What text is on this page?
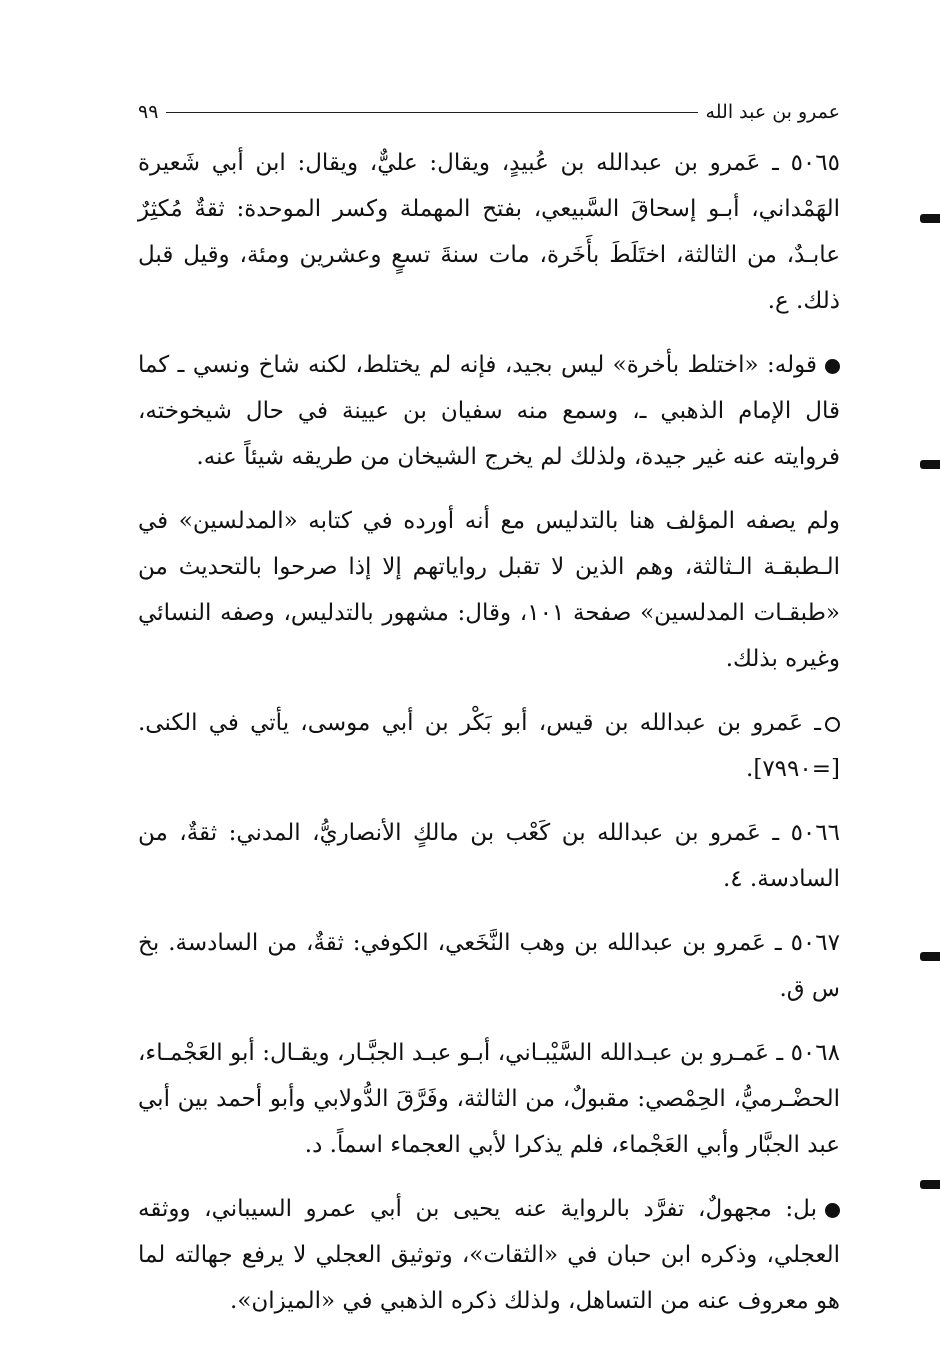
عمرو بن عبد الله
٩٩

٥٠٦٥ ـ عَمرو بن عبدالله بن عُبيدٍ، ويقال: عليٌّ، ويقال: ابن أبي شَعيرة الهَمْداني، أبـو إسحاقَ السَّبيعي، بفتح المهملة وكسر الموحدة: ثقةٌ مُكثِرٌ عابـدٌ، من الثالثة، اختَلَطَ بأَخَرة، مات سنةَ تسعٍ وعشرين ومئة، وقيل قبل ذلك. ع.

قوله: «اختلط بأخرة» ليس بجيد، فإنه لم يختلط، لكنه شاخ ونسي ـ كما قال الإمام الذهبي ـ، وسمع منه سفيان بن عيينة في حال شيخوخته، فروايته عنه غير جيدة، ولذلك لم يخرج الشيخان من طريقه شيئاً عنه.

ولم يصفه المؤلف هنا بالتدليس مع أنه أورده في كتابه «المدلسين» في الـطبقـة الـثالثة، وهم الذين لا تقبل رواياتهم إلا إذا صرحوا بالتحديث من «طبقـات المدلسين» صفحة ١٠١، وقال: مشهور بالتدليس، وصفه النسائي وغيره بذلك.

ـ عَمرو بن عبدالله بن قيس، أبو بَكْر بن أبي موسى، يأتي في الكنى. [=٧٩٩٠].

٥٠٦٦ ـ عَمرو بن عبدالله بن كَعْب بن مالكٍ الأنصاريُّ، المدني: ثقةٌ، من السادسة. ٤.

٥٠٦٧ ـ عَمرو بن عبدالله بن وهب النَّخَعي، الكوفي: ثقةٌ، من السادسة. بخ س ق.

٥٠٦٨ ـ عَمـرو بن عبـدالله السَّيْبـاني، أبـو عبـد الجبَّـار، ويقـال: أبو العَجْمـاء، الحضْـرميُّ، الحِمْصي: مقبولٌ، من الثالثة، وفَرَّقَ الدُّولابي وأبو أحمد بين أبي عبد الجبَّار وأبي العَجْماء، فلم يذكرا لأبي العجماء اسماً. د.

بل: مجهولٌ، تفرَّد بالرواية عنه يحيى بن أبي عمرو السيباني، ووثقه العجلي، وذكره ابن حبان في «الثقات»، وتوثيق العجلي لا يرفع جهالته لما هو معروف عنه من التساهل، ولذلك ذكره الذهبي في «الميزان».
